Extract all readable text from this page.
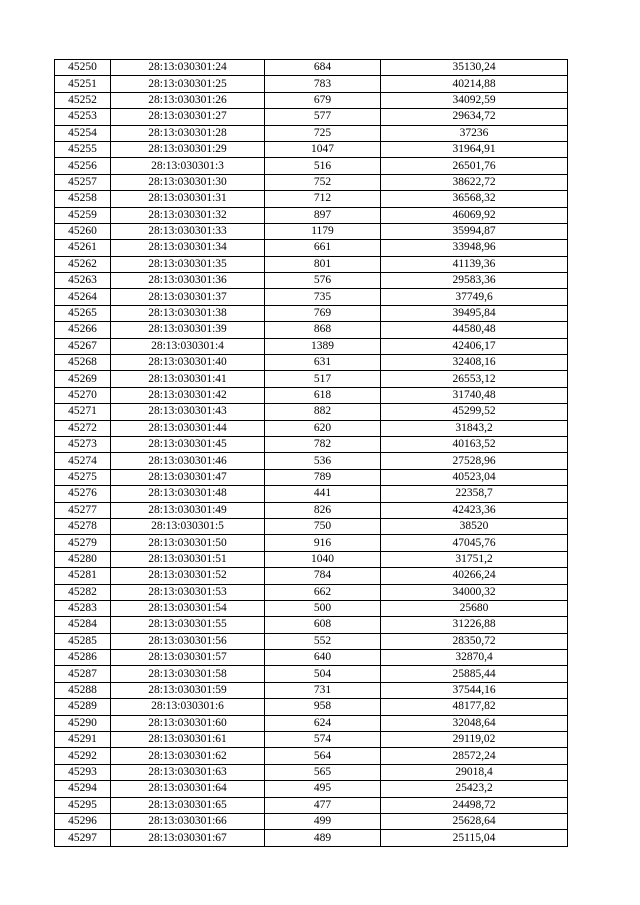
45250	28:13:030301:24	684	35130,24
45251	28:13:030301:25	783	40214,88
45252	28:13:030301:26	679	34092,59
45253	28:13:030301:27	577	29634,72
45254	28:13:030301:28	725	37236
45255	28:13:030301:29	1047	31964,91
45256	28:13:030301:3	516	26501,76
45257	28:13:030301:30	752	38622,72
45258	28:13:030301:31	712	36568,32
45259	28:13:030301:32	897	46069,92
45260	28:13:030301:33	1179	35994,87
45261	28:13:030301:34	661	33948,96
45262	28:13:030301:35	801	41139,36
45263	28:13:030301:36	576	29583,36
45264	28:13:030301:37	735	37749,6
45265	28:13:030301:38	769	39495,84
45266	28:13:030301:39	868	44580,48
45267	28:13:030301:4	1389	42406,17
45268	28:13:030301:40	631	32408,16
45269	28:13:030301:41	517	26553,12
45270	28:13:030301:42	618	31740,48
45271	28:13:030301:43	882	45299,52
45272	28:13:030301:44	620	31843,2
45273	28:13:030301:45	782	40163,52
45274	28:13:030301:46	536	27528,96
45275	28:13:030301:47	789	40523,04
45276	28:13:030301:48	441	22358,7
45277	28:13:030301:49	826	42423,36
45278	28:13:030301:5	750	38520
45279	28:13:030301:50	916	47045,76
45280	28:13:030301:51	1040	31751,2
45281	28:13:030301:52	784	40266,24
45282	28:13:030301:53	662	34000,32
45283	28:13:030301:54	500	25680
45284	28:13:030301:55	608	31226,88
45285	28:13:030301:56	552	28350,72
45286	28:13:030301:57	640	32870,4
45287	28:13:030301:58	504	25885,44
45288	28:13:030301:59	731	37544,16
45289	28:13:030301:6	958	48177,82
45290	28:13:030301:60	624	32048,64
45291	28:13:030301:61	574	29119,02
45292	28:13:030301:62	564	28572,24
45293	28:13:030301:63	565	29018,4
45294	28:13:030301:64	495	25423,2
45295	28:13:030301:65	477	24498,72
45296	28:13:030301:66	499	25628,64
45297	28:13:030301:67	489	25115,04
